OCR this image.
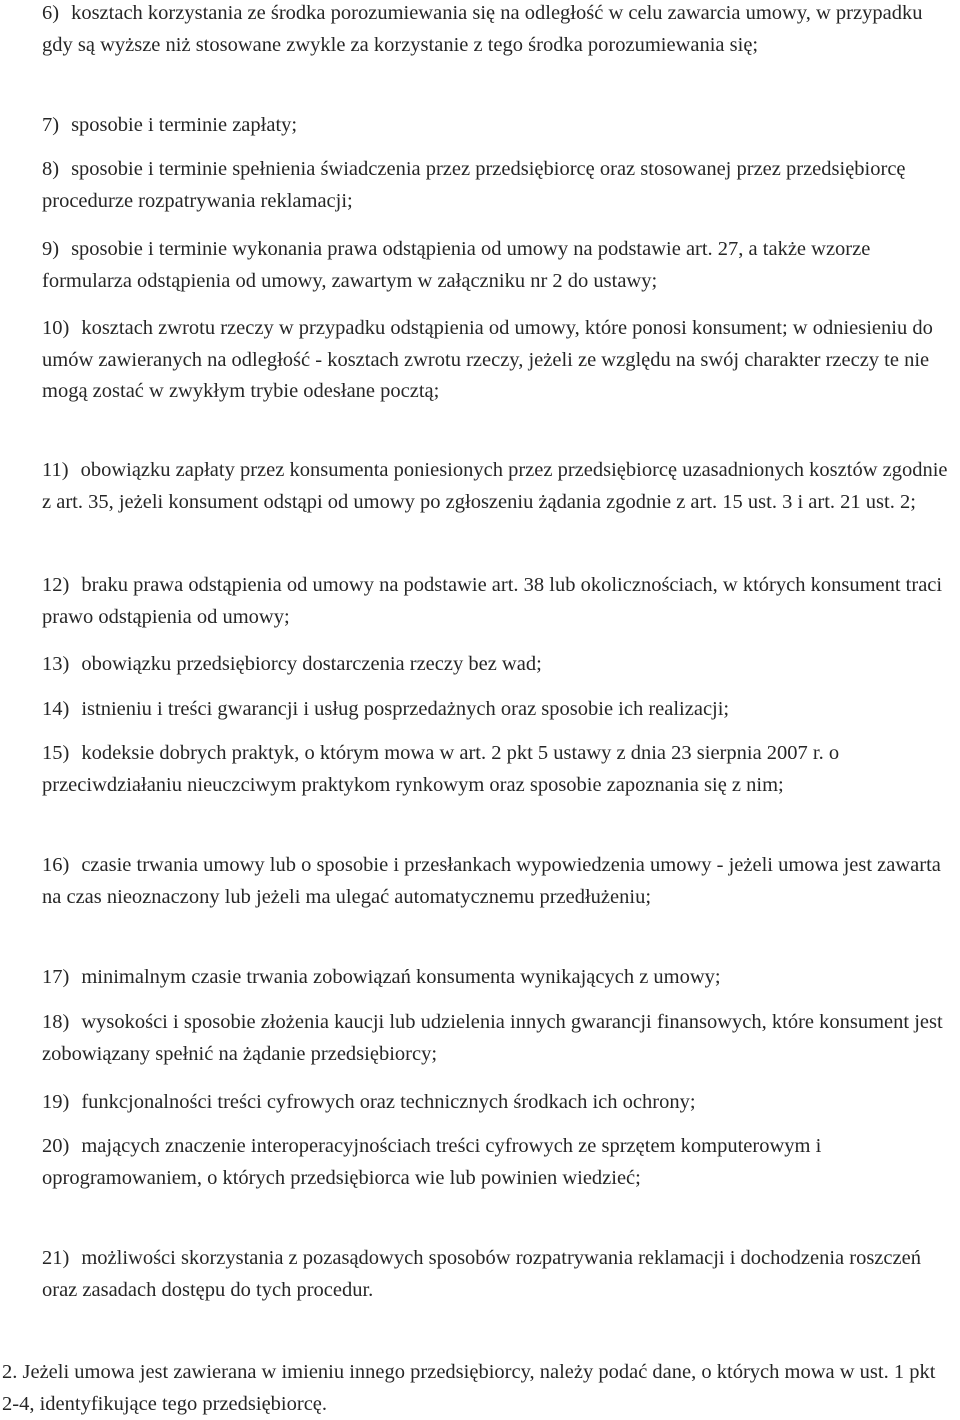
6) kosztach korzystania ze środka porozumiewania się na odległość w celu zawarcia umowy, w przypadku gdy są wyższe niż stosowane zwykle za korzystanie z tego środka porozumiewania się;

7) sposobie i terminie zapłaty;

8) sposobie i terminie spełnienia świadczenia przez przedsiębiorcę oraz stosowanej przez przedsiębiorcę procedurze rozpatrywania reklamacji;

9) sposobie i terminie wykonania prawa odstąpienia od umowy na podstawie art. 27, a także wzorze formularza odstąpienia od umowy, zawartym w załączniku nr 2 do ustawy;

10) kosztach zwrotu rzeczy w przypadku odstąpienia od umowy, które ponosi konsument; w odniesieniu do umów zawieranych na odległość - kosztach zwrotu rzeczy, jeżeli ze względu na swój charakter rzeczy te nie mogą zostać w zwykłym trybie odesłane pocztą;

11) obowiązku zapłaty przez konsumenta poniesionych przez przedsiębiorcę uzasadnionych kosztów zgodnie z art. 35, jeżeli konsument odstąpi od umowy po zgłoszeniu żądania zgodnie z art. 15 ust. 3 i art. 21 ust. 2;

12) braku prawa odstąpienia od umowy na podstawie art. 38 lub okolicznościach, w których konsument traci prawo odstąpienia od umowy;

13) obowiązku przedsiębiorcy dostarczenia rzeczy bez wad;

14) istnieniu i treści gwarancji i usług posprzedażnych oraz sposobie ich realizacji;

15) kodeksie dobrych praktyk, o którym mowa w art. 2 pkt 5 ustawy z dnia 23 sierpnia 2007 r. o przeciwdziałaniu nieuczciwym praktykom rynkowym oraz sposobie zapoznania się z nim;

16) czasie trwania umowy lub o sposobie i przesłankach wypowiedzenia umowy - jeżeli umowa jest zawarta na czas nieoznaczony lub jeżeli ma ulegać automatycznemu przedłużeniu;

17) minimalnym czasie trwania zobowiązań konsumenta wynikających z umowy;

18) wysokości i sposobie złożenia kaucji lub udzielenia innych gwarancji finansowych, które konsument jest zobowiązany spełnić na żądanie przedsiębiorcy;

19) funkcjonalności treści cyfrowych oraz technicznych środkach ich ochrony;

20) mających znaczenie interoperacyjnościach treści cyfrowych ze sprzętem komputerowym i oprogramowaniem, o których przedsiębiorca wie lub powinien wiedzieć;

21) możliwości skorzystania z pozasądowych sposobów rozpatrywania reklamacji i dochodzenia roszczeń oraz zasadach dostępu do tych procedur.

2. Jeżeli umowa jest zawierana w imieniu innego przedsiębiorcy, należy podać dane, o których mowa w ust. 1 pkt 2-4, identyfikujące tego przedsiębiorcę.
